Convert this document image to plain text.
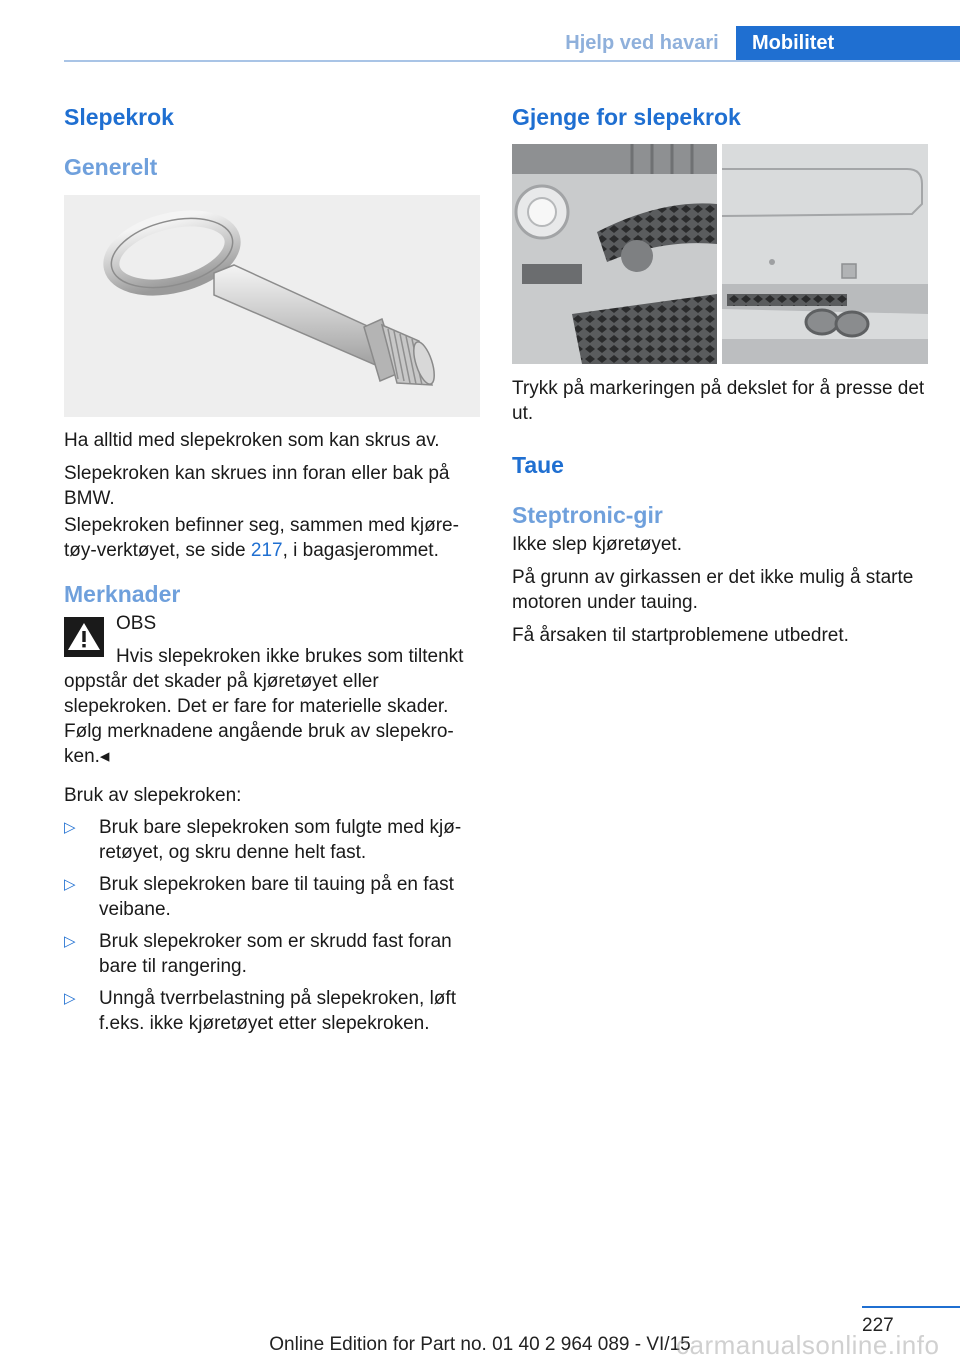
Hjelp ved havari	Mobilitet
Slepekrok
Generelt

Ha alltid med slepekroken som kan skrus av.

Slepekroken kan skrues inn foran eller bak på BMW.

Slepekroken befinner seg, sammen med kjøretøy-verktøyet, se side 217, i bagasjerommet.

Merknader

OBS

Hvis slepekroken ikke brukes som tiltenkt oppstår det skader på kjøretøyet eller slepekroken. Det er fare for materielle skader. Følg merknadene angående bruk av slepekroken.◂

Bruk av slepekroken:

▷ Bruk bare slepekroken som fulgte med kjøretøyet, og skru denne helt fast.
▷ Bruk slepekroken bare til tauing på en fast veibane.
▷ Bruk slepekroker som er skrudd fast foran bare til rangering.
▷ Unngå tverrbelastning på slepekroken, løft f.eks. ikke kjøretøyet etter slepekroken.
Gjenge for slepekrok

Trykk på markeringen på dekslet for å presse det ut.

Taue
Steptronic-gir

Ikke slep kjøretøyet.

På grunn av girkassen er det ikke mulig å starte motoren under tauing.

Få årsaken til startproblemene utbedret.

227
Online Edition for Part no. 01 40 2 964 089 - VI/15
carmanualsonline.info
